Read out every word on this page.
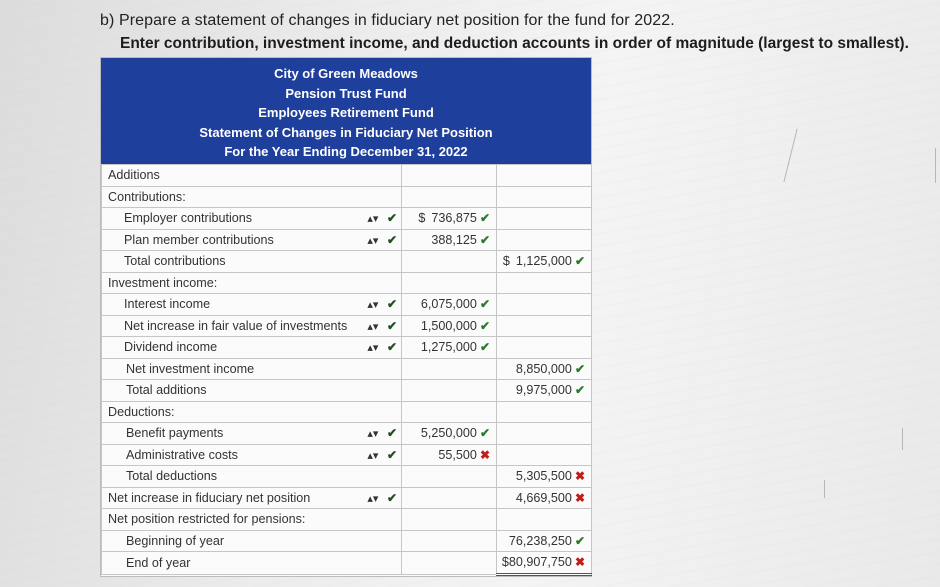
b) Prepare a statement of changes in fiduciary net position for the fund for 2022.
Enter contribution, investment income, and deduction accounts in order of magnitude (largest to smallest).
City of Green Meadows
Pension Trust Fund
Employees Retirement Fund
Statement of Changes in Fiduciary Net Position
For the Year Ending December 31, 2022
Additions		
Contributions:		
Employer contributions ▴▾ ✔	$ 736,875 ✔	
Plan member contributions ▴▾ ✔	388,125 ✔	
Total contributions		$ 1,125,000 ✔
Investment income:		
Interest income ▴▾ ✔	6,075,000 ✔	
Net increase in fair value of investments ▴▾ ✔	1,500,000 ✔	
Dividend income ▴▾ ✔	1,275,000 ✔	
Net investment income		8,850,000 ✔
Total additions		9,975,000 ✔
Deductions:		
Benefit payments ▴▾ ✔	5,250,000 ✔	
Administrative costs ▴▾ ✔	55,500 ✖	
Total deductions		5,305,500 ✖
Net increase in fiduciary net position ▴▾ ✔		4,669,500 ✖
Net position restricted for pensions:		
Beginning of year		76,238,250 ✔
End of year		$80,907,750 ✖
